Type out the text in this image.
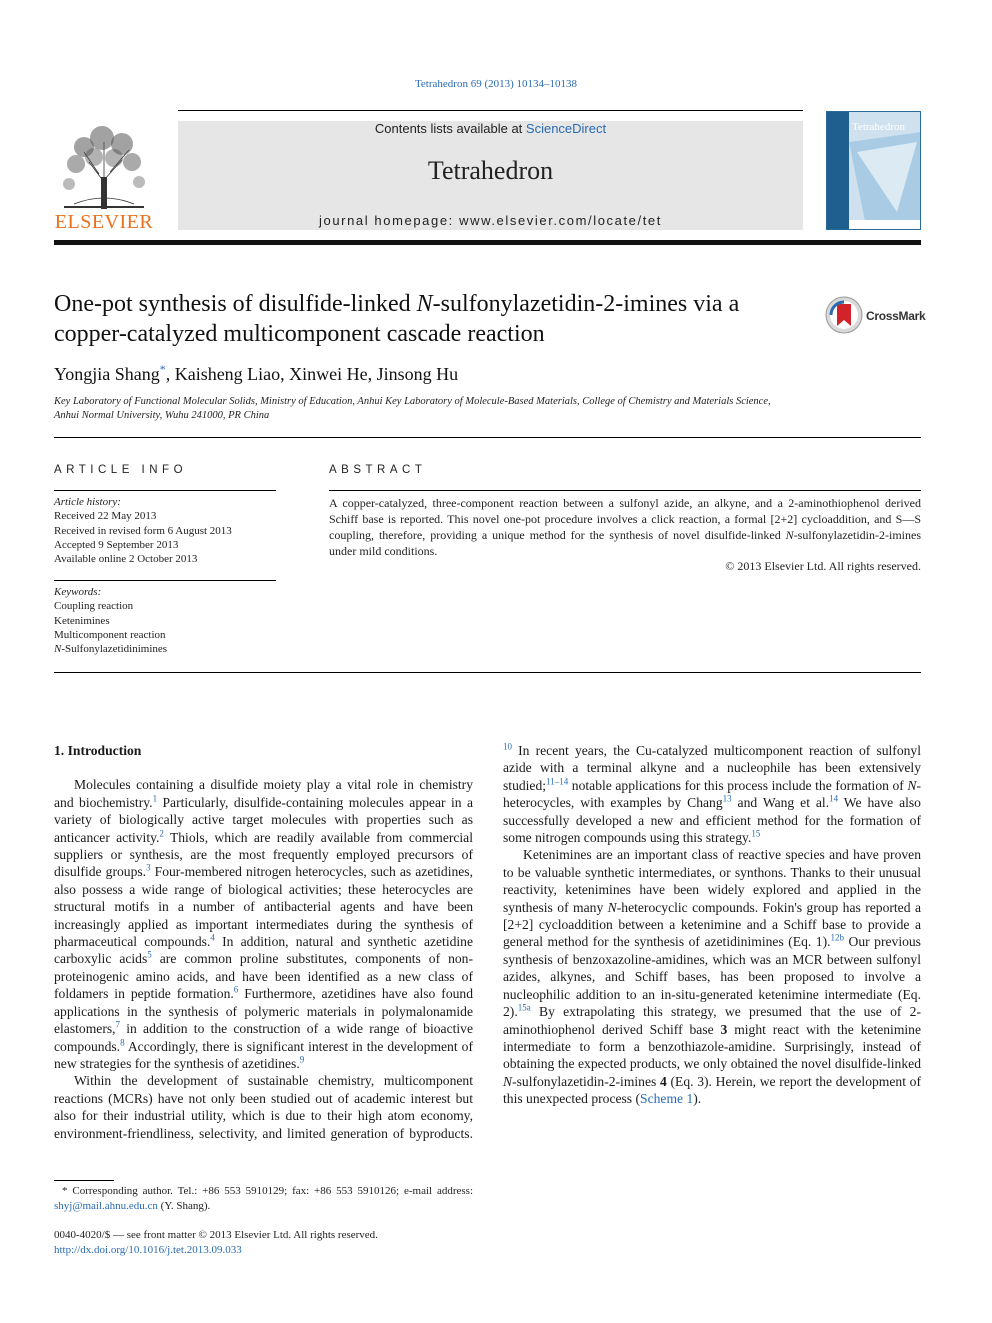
Tetrahedron 69 (2013) 10134–10138
ELSEVIER
Contents lists available at ScienceDirect
Tetrahedron
journal homepage: www.elsevier.com/locate/tet
Tetrahedron
One-pot synthesis of disulfide-linked N-sulfonylazetidin-2-imines via a copper-catalyzed multicomponent cascade reaction
CrossMark
Yongjia Shang*, Kaisheng Liao, Xinwei He, Jinsong Hu
Key Laboratory of Functional Molecular Solids, Ministry of Education, Anhui Key Laboratory of Molecule-Based Materials, College of Chemistry and Materials Science, Anhui Normal University, Wuhu 241000, PR China
ARTICLE INFO	ABSTRACT
Article history:
Received 22 May 2013
Received in revised form 6 August 2013
Accepted 9 September 2013
Available online 2 October 2013
Keywords:
Coupling reaction
Ketenimines
Multicomponent reaction
N-Sulfonylazetidinimines
A copper-catalyzed, three-component reaction between a sulfonyl azide, an alkyne, and a 2-aminothiophenol derived Schiff base is reported. This novel one-pot procedure involves a click reaction, a formal [2+2] cycloaddition, and S—S coupling, therefore, providing a unique method for the synthesis of novel disulfide-linked N-sulfonylazetidin-2-imines under mild conditions.
© 2013 Elsevier Ltd. All rights reserved.

1. Introduction

Molecules containing a disulfide moiety play a vital role in chemistry and biochemistry.$^1$ Particularly, disulfide-containing molecules appear in a variety of biologically active target molecules with properties such as anticancer activity.$^2$ Thiols, which are readily available from commercial suppliers or synthesis, are the most frequently employed precursors of disulfide groups.$^3$ Four-membered nitrogen heterocycles, such as azetidines, also possess a wide range of biological activities; these heterocycles are structural motifs in a number of antibacterial agents and have been increasingly applied as important intermediates during the synthesis of pharmaceutical compounds.$^4$ In addition, natural and synthetic azetidine carboxylic acids$^5$ are common proline substitutes, components of non-proteinogenic amino acids, and have been identified as a new class of foldamers in peptide formation.$^6$ Furthermore, azetidines have also found applications in the synthesis of polymeric materials in polymalonamide elastomers,$^7$ in addition to the construction of a wide range of bioactive compounds.$^8$ Accordingly, there is significant interest in the development of new strategies for the synthesis of azetidines.$^9$

Within the development of sustainable chemistry, multicomponent reactions (MCRs) have not only been studied out of academic interest but also for their industrial utility, which is due to their high atom economy, environment-friendliness, selectivity, and limited generation of byproducts.

$^{10}$ In recent years, the Cu-catalyzed multicomponent reaction of sulfonyl azide with a terminal alkyne and a nucleophile has been extensively studied;$^{11-14}$ notable applications for this process include the formation of N-heterocycles, with examples by Chang$^{13}$ and Wang et al.$^{14}$ We have also successfully developed a new and efficient method for the formation of some nitrogen compounds using this strategy.$^{15}$

Ketenimines are an important class of reactive species and have proven to be valuable synthetic intermediates, or synthons. Thanks to their unusual reactivity, ketenimines have been widely explored and applied in the synthesis of many N-heterocyclic compounds. Fokin's group has reported a [2+2] cycloaddition between a ketenimine and a Schiff base to provide a general method for the synthesis of azetidinimines (Eq. 1).$^{12b}$ Our previous synthesis of benzoxazoline-amidines, which was an MCR between sulfonyl azides, alkynes, and Schiff bases, has been proposed to involve a nucleophilic addition to an in-situ-generated ketenimine intermediate (Eq. 2).$^{15a}$ By extrapolating this strategy, we presumed that the use of 2-aminothiophenol derived Schiff base 3 might react with the ketenimine intermediate to form a benzothiazole-amidine. Surprisingly, instead of obtaining the expected products, we only obtained the novel disulfide-linked N-sulfonylazetidin-2-imines 4 (Eq. 3). Herein, we report the development of this unexpected process (Scheme 1).

* Corresponding author. Tel.: +86 553 5910129; fax: +86 553 5910126; e-mail address: shyj@mail.ahnu.edu.cn (Y. Shang).
0040-4020/$ — see front matter © 2013 Elsevier Ltd. All rights reserved.
http://dx.doi.org/10.1016/j.tet.2013.09.033
